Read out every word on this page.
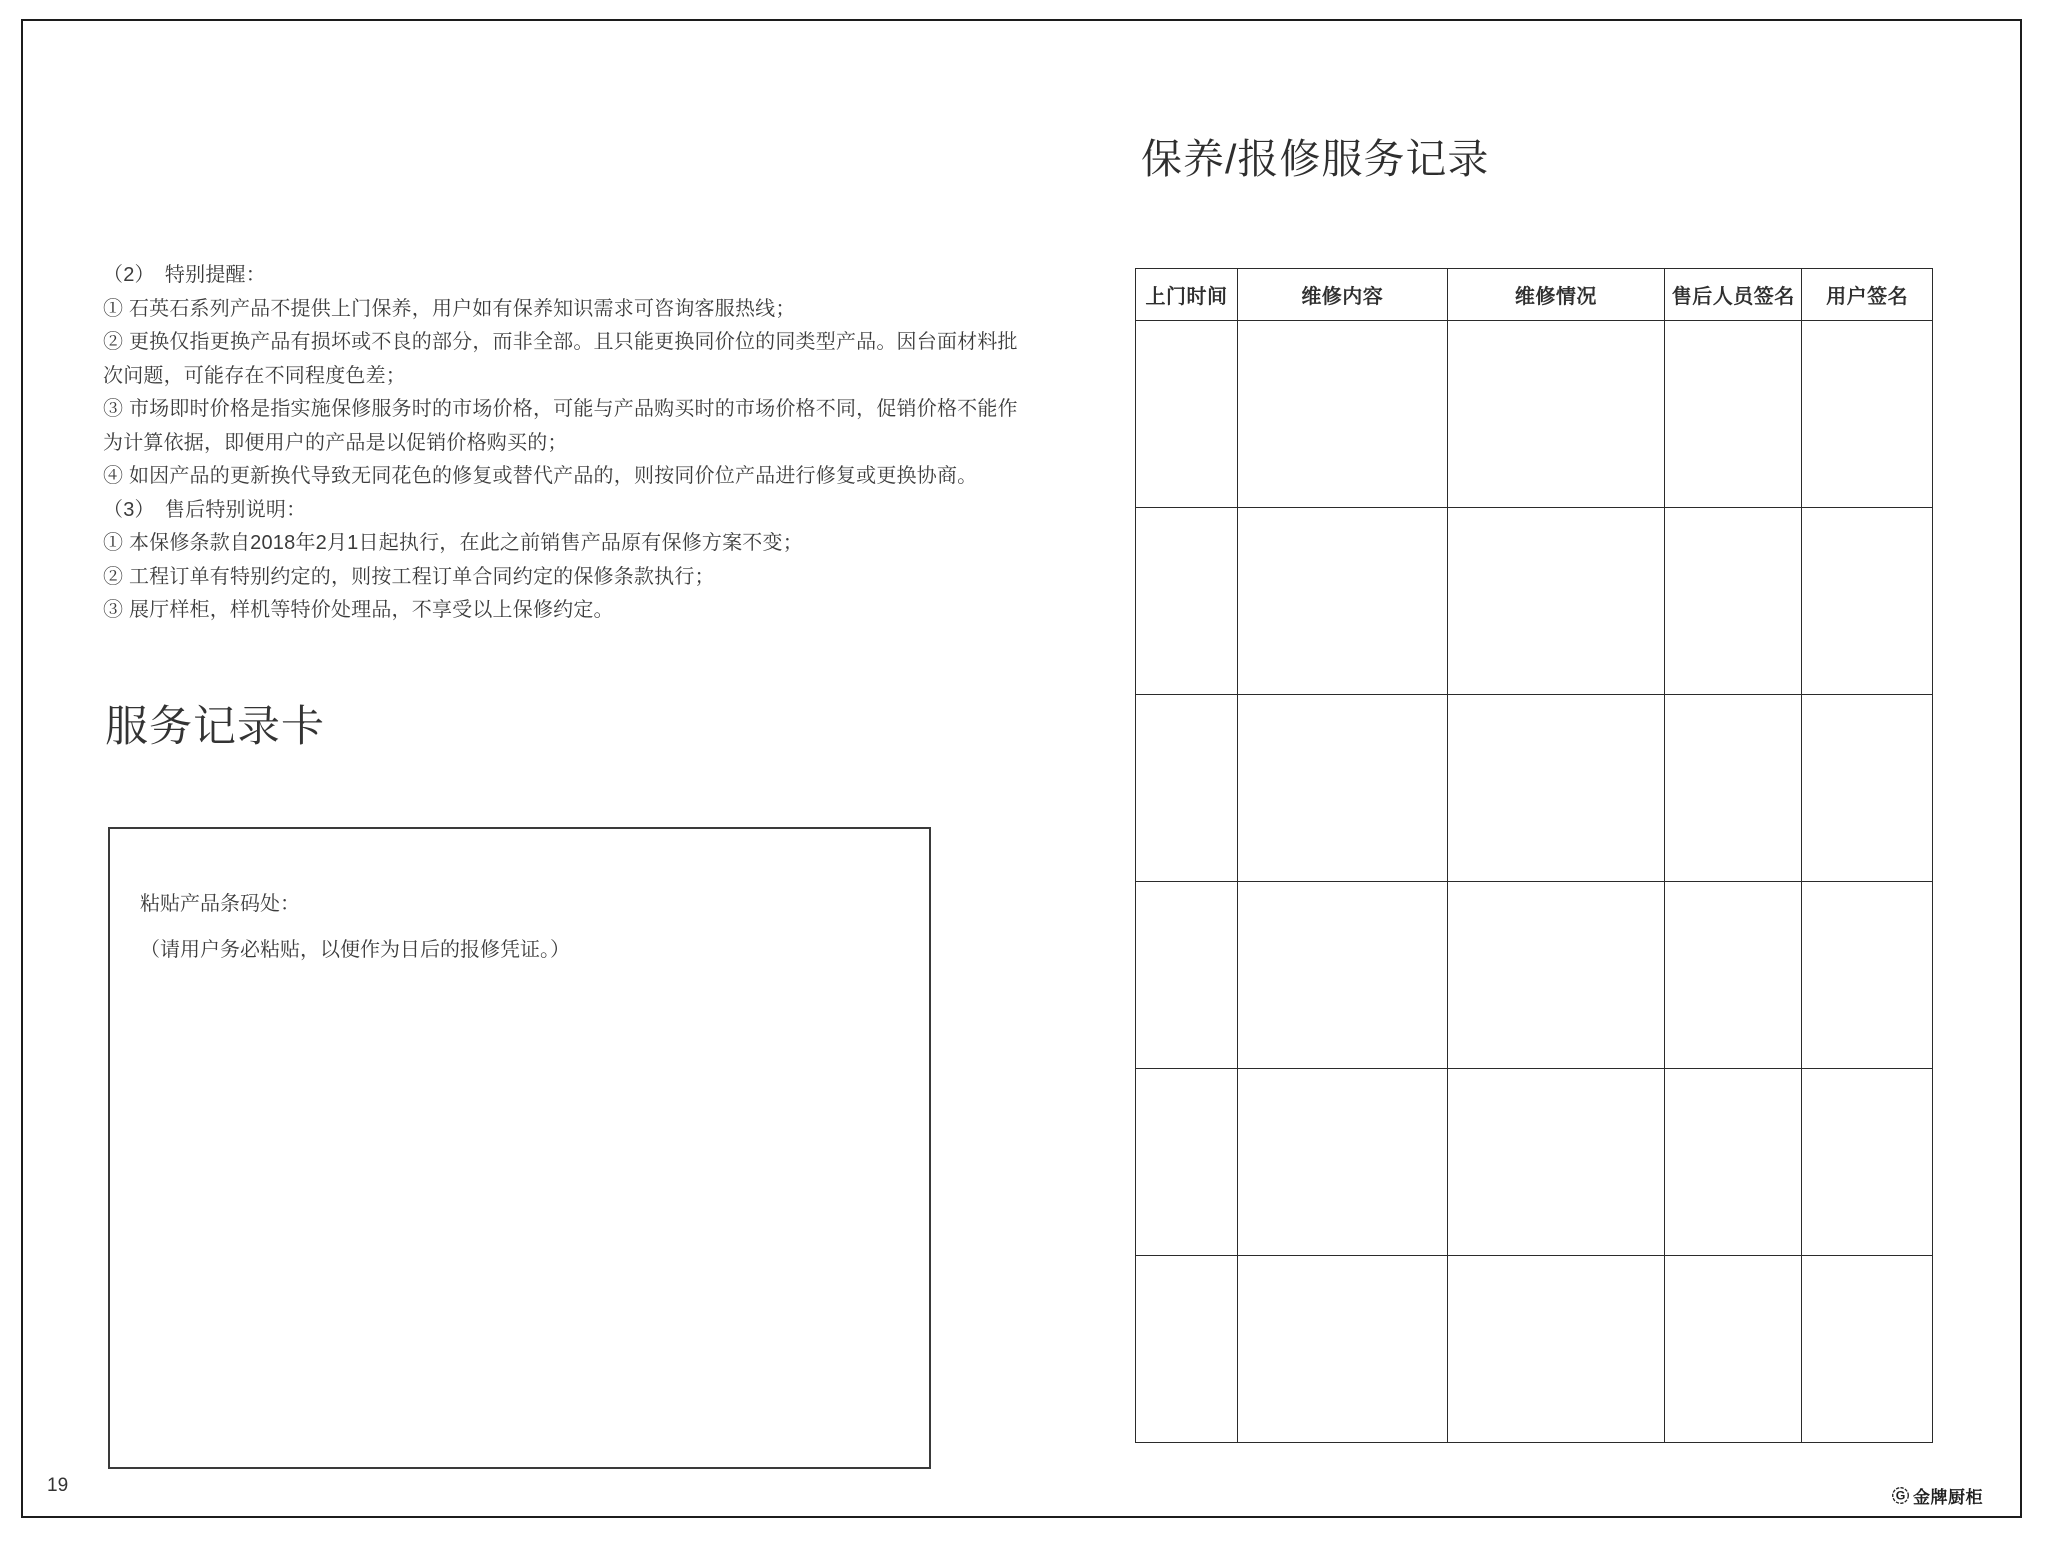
（2）　特别提醒：
① 石英石系列产品不提供上门保养，用户如有保养知识需求可咨询客服热线；
② 更换仅指更换产品有损坏或不良的部分，而非全部。且只能更换同价位的同类型产品。因台面材料批
次问题，可能存在不同程度色差；
③ 市场即时价格是指实施保修服务时的市场价格，可能与产品购买时的市场价格不同，促销价格不能作
为计算依据，即便用户的产品是以促销价格购买的；
④ 如因产品的更新换代导致无同花色的修复或替代产品的，则按同价位产品进行修复或更换协商。
（3）　售后特别说明：
① 本保修条款自2018年2月1日起执行，在此之前销售产品原有保修方案不变；
② 工程订单有特别约定的，则按工程订单合同约定的保修条款执行；
③ 展厅样柜，样机等特价处理品，不享受以上保修约定。
服务记录卡
粘贴产品条码处：
（请用户务必粘贴，以便作为日后的报修凭证。）
保养/报修服务记录
上门时间	维修内容	维修情况	售后人员签名	用户签名

19	G 金牌厨柜
